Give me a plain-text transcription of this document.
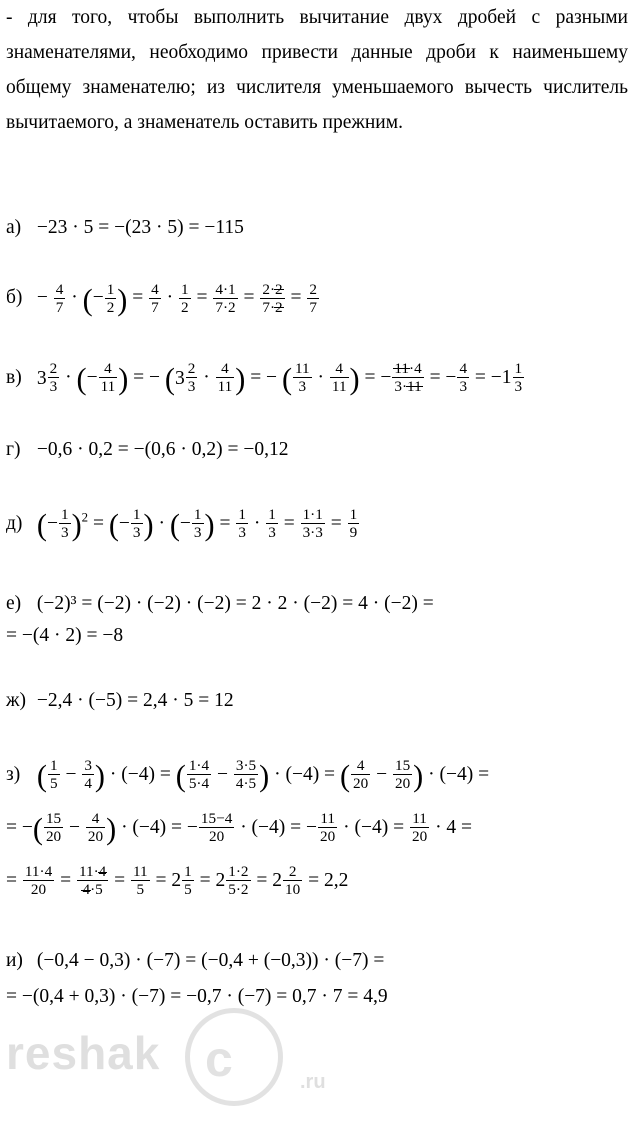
- для того, чтобы выполнить вычитание двух дробей с разными знаменателями, необходимо привести данные дроби к наименьшему общему знаменателю; из числителя уменьшаемого вычесть числитель вычитаемого, а знаменатель оставить прежним.

а) −23 · 5 = −(23 · 5) = −115
$б) - \frac{4}{7}$ · (− $\frac{1}{2}$ ) = $\frac{4}{7} \cdot \frac{1}{2} = \frac{4\cdot 1}{7\cdot 2} = \frac{2\cdot 2}{7\cdot 2} = \frac{2}{7}$
в) $3 \frac{2}{3}$ · (− $\frac{4}{11}$ ) = − ($3 \frac{2}{3} \cdot \frac{4}{11}$ ) = − ( $\frac{11}{3} \cdot \frac{4}{11}$ ) = − $\frac{11\cdot 4}{3\cdot 11}$ = − $\frac{4}{3} = -1 \frac{1}{3}$
г) −0,6 · 0,2 = −(0,6 · 0,2) = −0,12
д) (− $\frac{1}{3} )^2$ = (− $\frac{1}{3}$ ) · (− $\frac{1}{3}$ ) = $\frac{1}{3} \cdot \frac{1}{3} = \frac{1\cdot 1}{3\cdot 3} = \frac{1}{9}$
е) (−2)³ = (−2) · (−2) · (−2) = 2 · 2 · (−2) = 4 · (−2) =
= −(4 · 2) = −8
ж) −2,4 · (−5) = 2,4 · 5 = 12
з) ( $\frac{1}{5} - \frac{3}{4}$ ) · (−4) = ( $\frac{1\cdot 4}{5\cdot 4} - \frac{3\cdot 5}{4\cdot 5}$ ) · (−4) = ( $\frac{4}{20} - \frac{15}{20}$ ) · (−4) =
= −( $\frac{15}{20} - \frac{4}{20}$ ) · (−4) = − $\frac{15-4}{20} \cdot (-4)$ = − $\frac{11}{20} \cdot (-4) = \frac{11}{20} \cdot 4$ =
= $\frac{11\cdot 4}{20} = \frac{11\cdot 4}{4\cdot 5} = \frac{11}{5} = 2 \frac{1}{5} = 2 \frac{1\cdot 2}{5\cdot 2} = 2 \frac{2}{10} = 2,2$
и) (−0,4 − 0,3) · (−7) = (−0,4 + (−0,3)) · (−7) =
= −(0,4 + 0,3) · (−7) = −0,7 · (−7) = 0,7 · 7 = 4,9
reshak c	.ru
